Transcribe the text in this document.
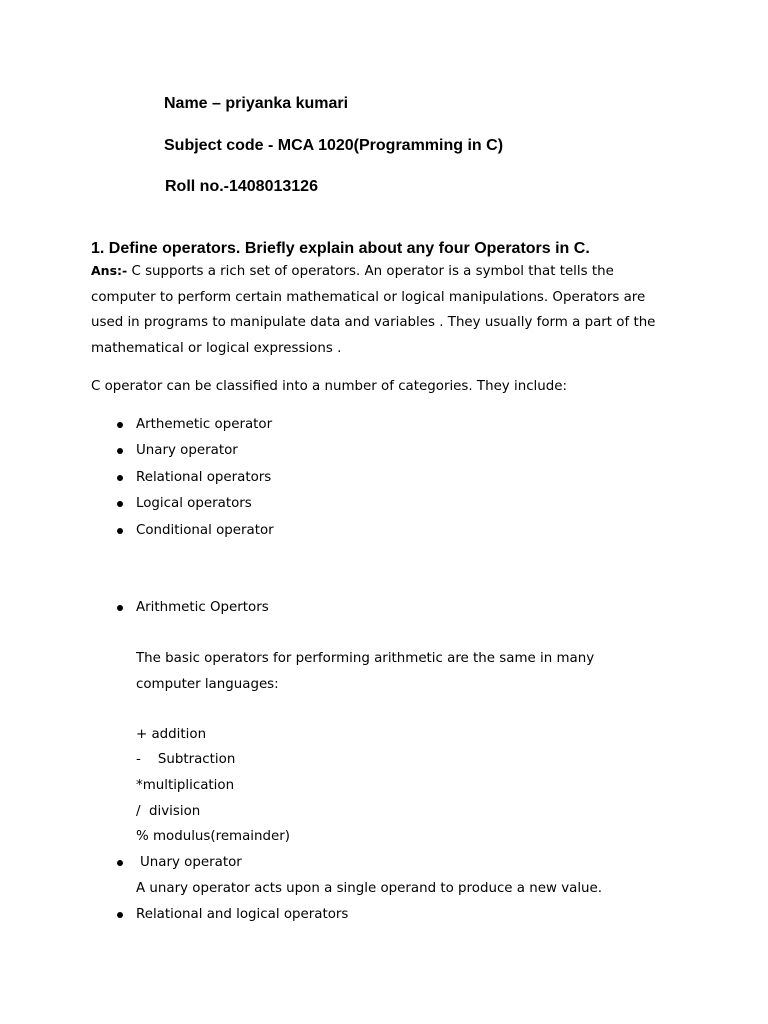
Name – priyanka kumari
Subject code - MCA 1020(Programming in C)
Roll no.-1408013126
1. Define operators. Briefly explain about any four Operators in C.
Ans:- C supports a rich set of operators. An operator is a symbol that tells the computer to perform certain mathematical or logical manipulations. Operators are used in programs to manipulate data and variables . They usually form a part of the mathematical or logical expressions .
C operator can be classified into a number of categories. They include:
Arthemetic operator
Unary operator
Relational operators
Logical operators
Conditional operator
Arithmetic Opertors
The basic operators for performing arithmetic are the same in many
computer languages:
+ addition
-    Subtraction
*multiplication
/  division
% modulus(remainder)
Unary operator
A unary operator acts upon a single operand to produce a new value.
Relational and logical operators
